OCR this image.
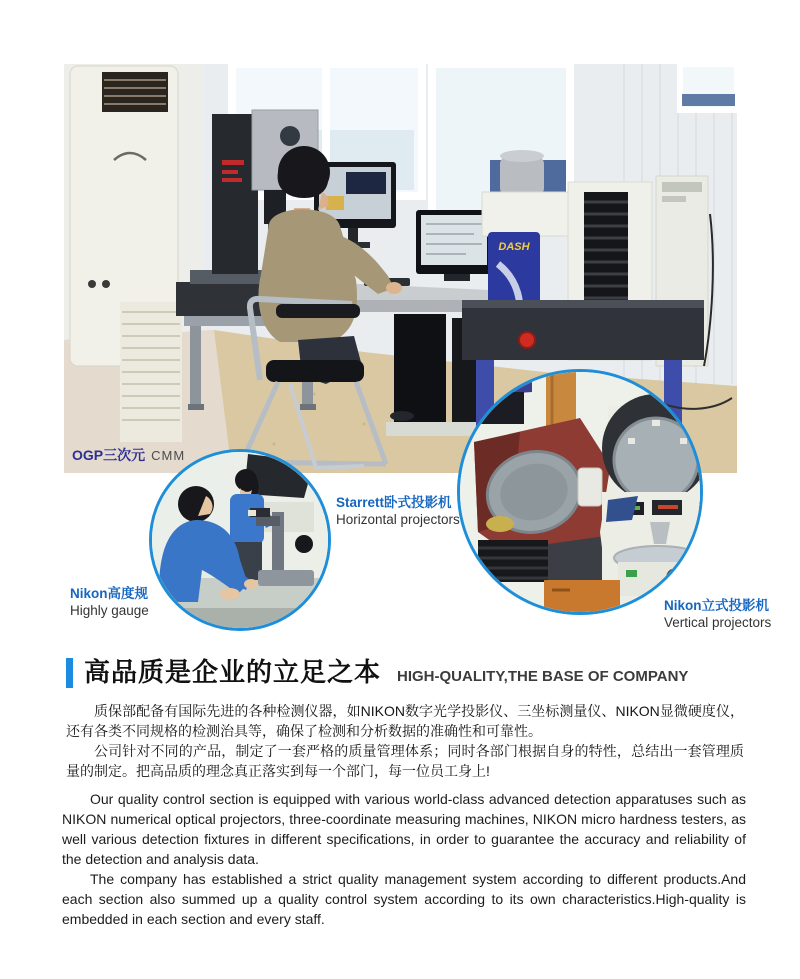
DASH
OGP三次元 CMM
Starrett卧式投影机
Horizontal projectors
Nikon高度规
Highly gauge	Nikon立式投影机
Vertical projectors
高品质是企业的立足之本 HIGH-QUALITY,THE BASE OF COMPANY

质保部配备有国际先进的各种检测仪器，如NIKON数字光学投影仪、三坐标测量仪、NIKON显微硬度仪，还有各类不同规格的检测治具等，确保了检测和分析数据的准确性和可靠性。

公司针对不同的产品，制定了一套严格的质量管理体系；同时各部门根据自身的特性，总结出一套管理质量的制定。把高品质的理念真正落实到每一个部门，每一位员工身上!

Our quality control section is equipped with various world-class advanced detection apparatuses such as NIKON numerical optical projectors, three-coordinate measuring machines, NIKON micro hardness testers, as well various detection fixtures in different specifications, in order to guarantee the accuracy and reliability of the detection and analysis data.

The company has established a strict quality management system according to different products.And each section also summed up a quality control system according to its own characteristics.High-quality is embedded in each section and every staff.
